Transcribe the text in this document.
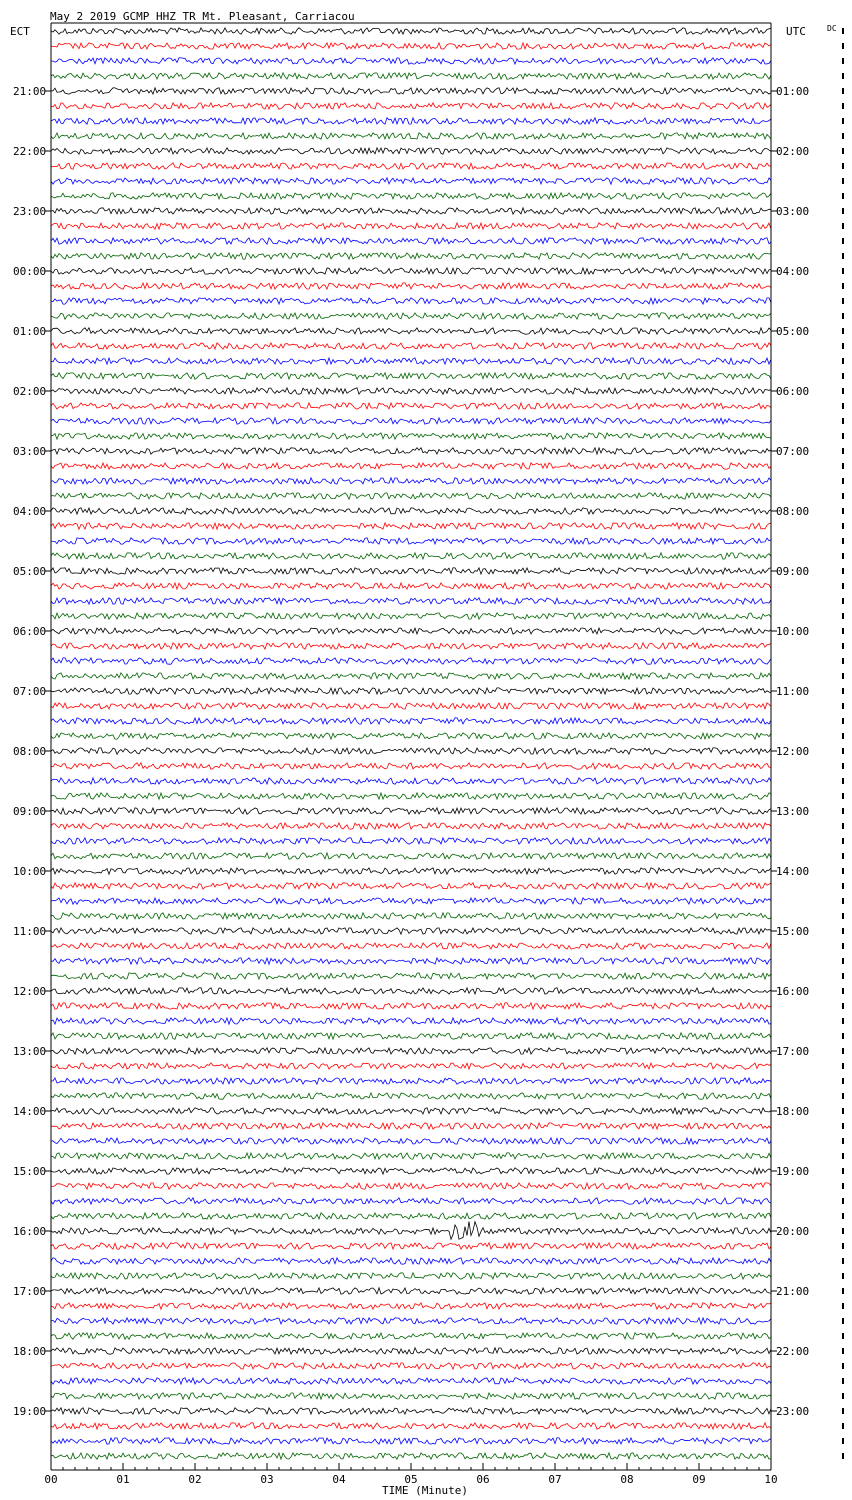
May 2 2019 GCMP HHZ TR Mt. Pleasant, Carriacou
ECT	UTC	DC
21:00
22:00
23:00
00:00
01:00
02:00
03:00
04:00
05:00
06:00
07:00
08:00
09:00
10:00
11:00
12:00
13:00
14:00
15:00
16:00
17:00
18:00
19:00
01:00
02:00
03:00
04:00
05:00
06:00
07:00
08:00
09:00
10:00
11:00
12:00
13:00
14:00
15:00
16:00
17:00
18:00
19:00
20:00
21:00
22:00
23:00
00	01	02	03	04	05	06	07	08	09	10
TIME (Minute)
